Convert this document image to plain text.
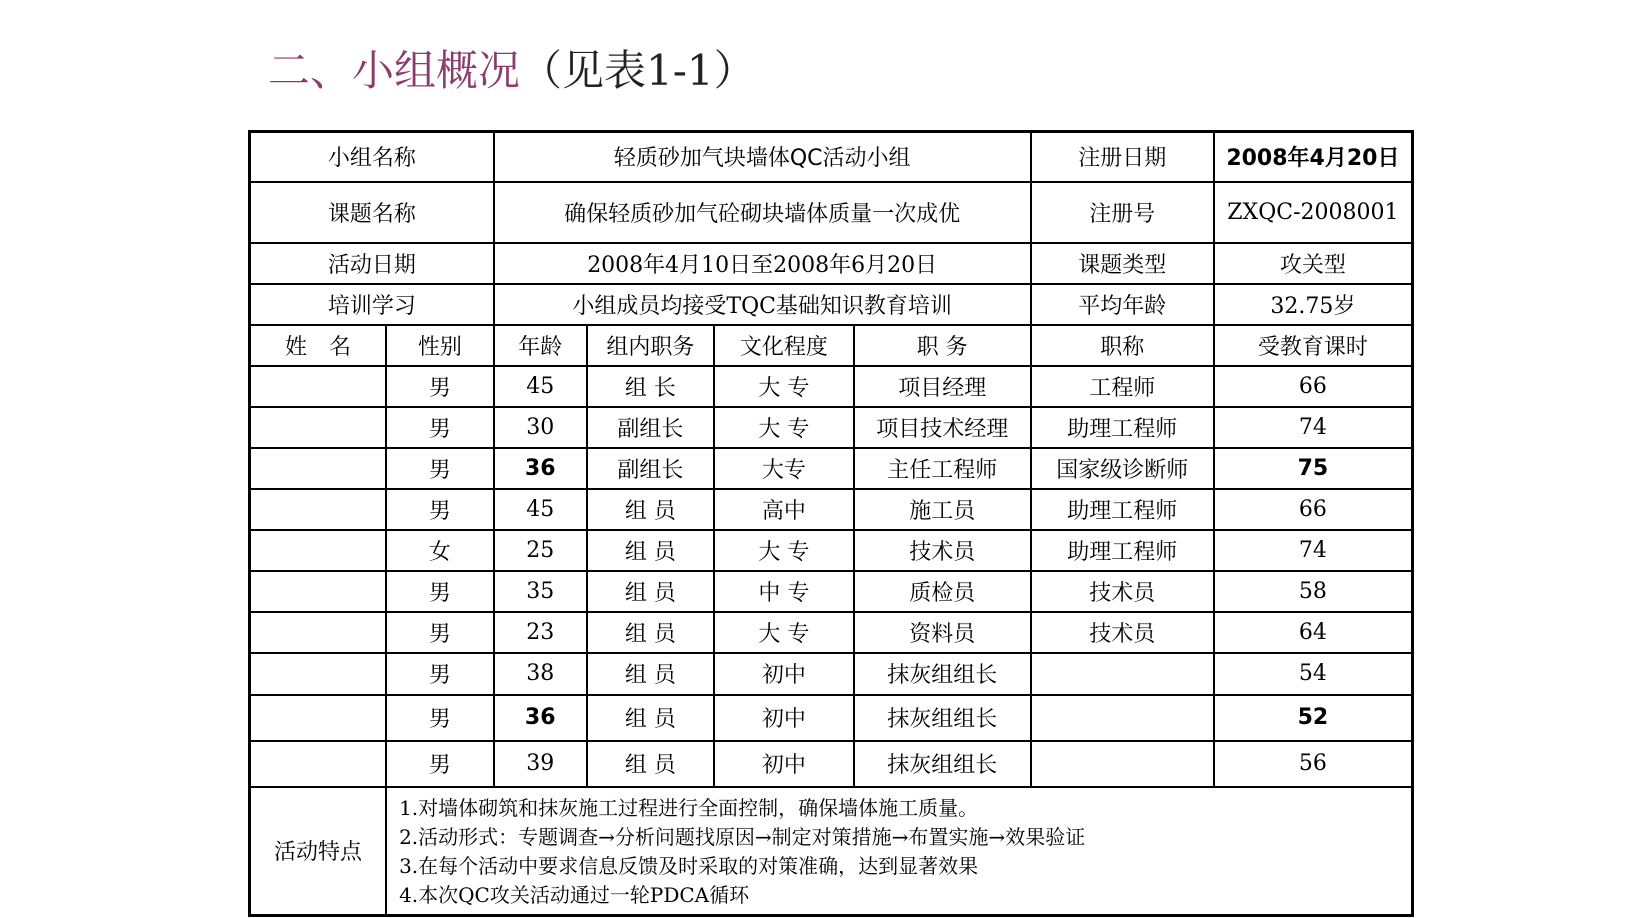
二、小组概况（见表1-1）
小组名称		轻质砂加气块墙体QC活动小组				注册日期	2008年4月20日
课题名称		确保轻质砂加气砼砌块墙体质量一次成优				注册号	ZXQC-2008001
活动日期		2008年4月10日至2008年6月20日				课题类型	攻关型
培训学习		小组成员均接受TQC基础知识教育培训				平均年龄	32.75岁
姓　名	性别	年龄	组内职务	文化程度	职 务	职称	受教育课时
	男	45	组 长	大 专	项目经理	工程师	66
	男	30	副组长	大 专	项目技术经理	助理工程师	74
	男	36	副组长	大专	主任工程师	国家级诊断师	75
	男	45	组 员	高中	施工员	助理工程师	66
	女	25	组 员	大 专	技术员	助理工程师	74
	男	35	组 员	中 专	质检员	技术员	58
	男	23	组 员	大 专	资料员	技术员	64
	男	38	组 员	初中	抹灰组组长		54
	男	36	组 员	初中	抹灰组组长		52
	男	39	组 员	初中	抹灰组组长		56
活动特点	1.对墙体砌筑和抹灰施工过程进行全面控制，确保墙体施工质量。
2.活动形式：专题调查→分析问题找原因→制定对策措施→布置实施→效果验证
3.在每个活动中要求信息反馈及时采取的对策准确，达到显著效果
4.本次QC攻关活动通过一轮PDCA循环						
